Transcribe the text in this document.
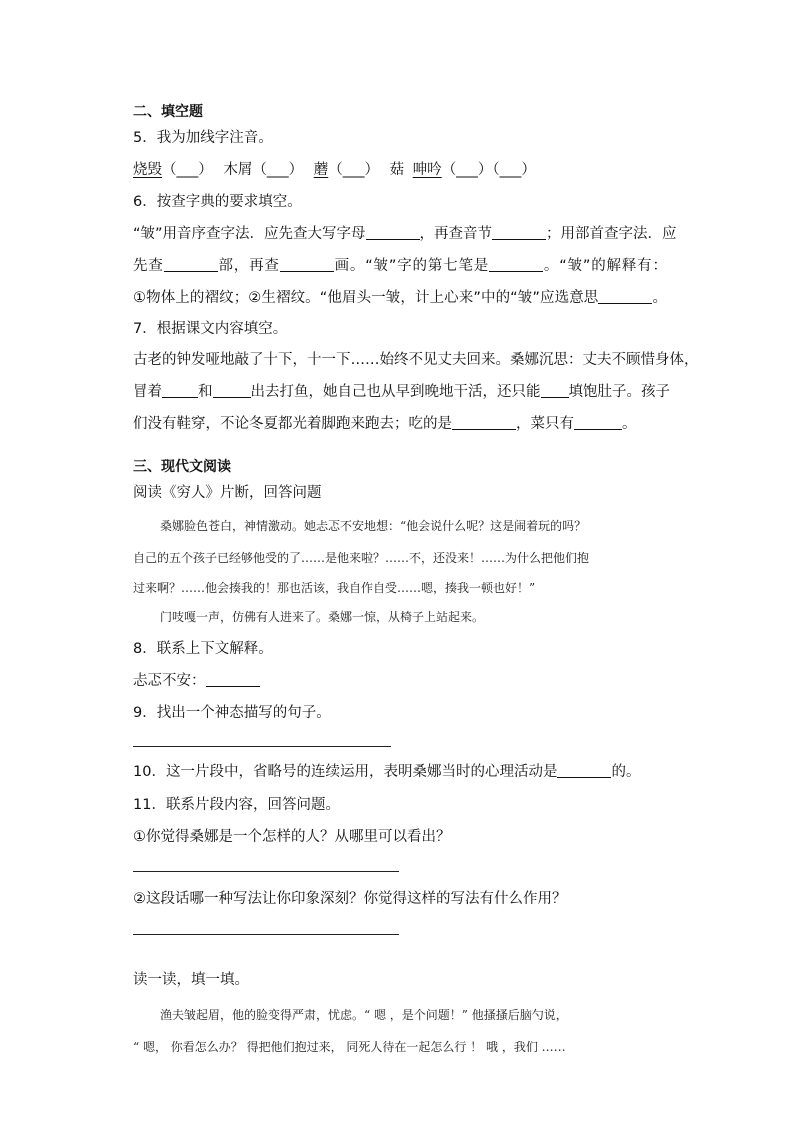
二、填空题
5．我为加线字注音。
烧毁（___） 木屑（___） 蘑（___） 菇 呻吟（___）（___）
6．按查字典的要求填空。
“皱”用音序查字法．应先查大写字母	，再查音节	；用部首查字法．应
先查	部，再查	画。“皱”字的第七笔是	。“皱”的解释有：
①物体上的褶纹；②生褶纹。“他眉头一皱，计上心来”中的“皱”应选意思	。
7．根据课文内容填空。
古老的钟发哑地敲了十下，十一下……始终不见丈夫回来。桑娜沉思：丈夫不顾惜身体，
冒着 和	出去打鱼，她自己也从早到晚地干活，还只能 填饱肚子。孩子
们没有鞋穿，不论冬夏都光着脚跑来跑去；吃的是	，菜只有	。
三、现代文阅读
阅读《穷人》片断，回答问题
桑娜脸色苍白，神情激动。她忐忑不安地想：“他会说什么呢？这是闹着玩的吗？
自己的五个孩子已经够他受的了……是他来啦？……不，还没来！……为什么把他们抱
过来啊？……他会揍我的！那也活该，我自作自受……嗯，揍我一顿也好！”
门吱嘎一声，仿佛有人进来了。桑娜一惊，从椅子上站起来。
8．联系上下文解释。
忐忑不安：
9．找出一个神态描写的句子。
10．这一片段中，省略号的连续运用，表明桑娜当时的心理活动是	的。
11．联系片段内容，回答问题。
①你觉得桑娜是一个怎样的人？从哪里可以看出？
②这段话哪一种写法让你印象深刻？你觉得这样的写法有什么作用？
读一读，填一填。
渔夫皱起眉，他的脸变得严肃，忧虑。“ 嗯 ，是个问题！” 他搔搔后脑勺说，
“ 嗯， 你看怎么办？ 得把他们抱过来， 同死人待在一起怎么行 ！ 哦 ，我们 ……
